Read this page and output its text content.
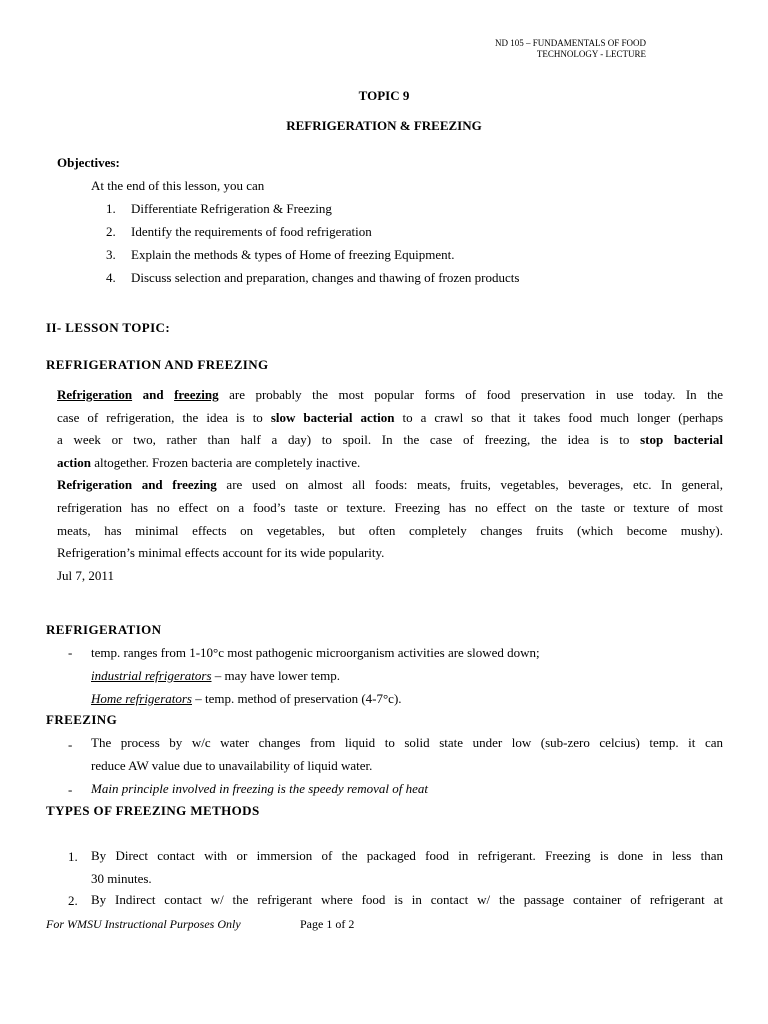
ND 105 – FUNDAMENTALS OF FOOD
TECHNOLOGY - LECTURE
TOPIC 9
REFRIGERATION & FREEZING
Objectives:
At the end of this lesson, you can
1. Differentiate Refrigeration & Freezing
2. Identify the requirements of food refrigeration
3. Explain the methods & types of Home of freezing Equipment.
4. Discuss selection and preparation, changes and thawing of frozen products
II- LESSON TOPIC:
REFRIGERATION AND FREEZING
Refrigeration and freezing are probably the most popular forms of food preservation in use today. In the
case of refrigeration, the idea is to slow bacterial action to a crawl so that it takes food much longer (perhaps
a week or two, rather than half a day) to spoil. In the case of freezing, the idea is to stop bacterial
action altogether. Frozen bacteria are completely inactive.
Refrigeration and freezing are used on almost all foods: meats, fruits, vegetables, beverages, etc. In general,
refrigeration has no effect on a food’s taste or texture. Freezing has no effect on the taste or texture of most
meats, has minimal effects on vegetables, but often completely changes fruits (which become mushy).
Refrigeration’s minimal effects account for its wide popularity.
Jul 7, 2011
REFRIGERATION
- temp. ranges from 1-10°c most pathogenic microorganism activities are slowed down;
industrial refrigerators – may have lower temp.
Home refrigerators – temp. method of preservation (4-7°c).
FREEZING
- The process by w/c water changes from liquid to solid state under low (sub-zero celcius) temp. it can
reduce AW value due to unavailability of liquid water.
- Main principle involved in freezing is the speedy removal of heat
TYPES OF FREEZING METHODS
1. By Direct contact with or immersion of the packaged food in refrigerant. Freezing is done in less than
30 minutes.
2. By Indirect contact w/ the refrigerant where food is in contact w/ the passage container of refrigerant at
For WMSU Instructional Purposes Only	Page 1 of 2
